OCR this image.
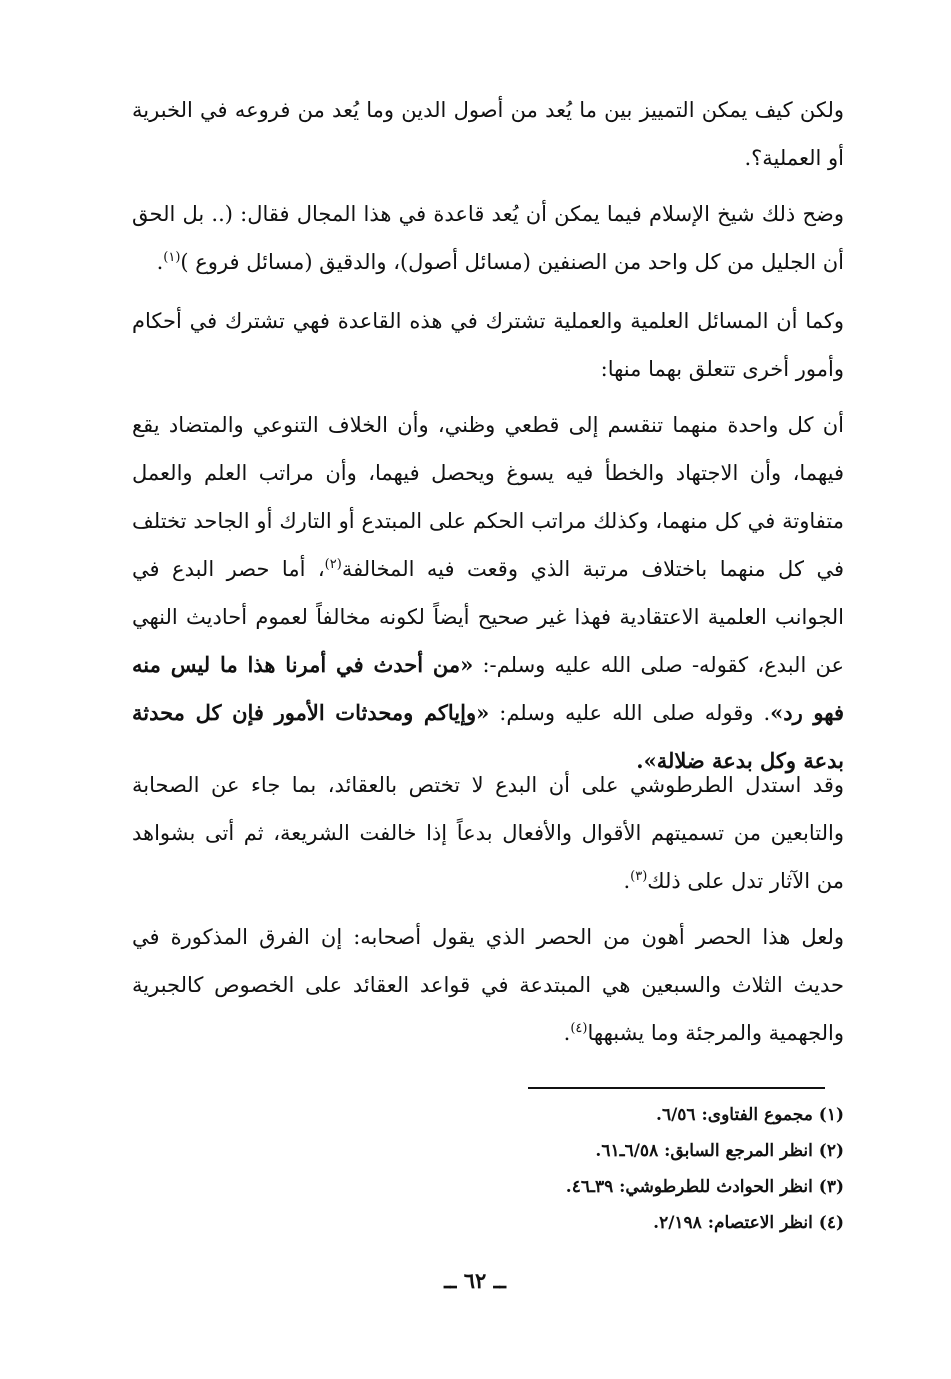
ولكن كيف يمكن التمييز بين ما يُعد من أصول الدين وما يُعد من فروعه في الخبرية أو العملية؟.

وضح ذلك شيخ الإسلام فيما يمكن أن يُعد قاعدة في هذا المجال فقال: (.. بل الحق أن الجليل من كل واحد من الصنفين (مسائل أصول)، والدقيق (مسائل فروع )$^{(١)}$.

وكما أن المسائل العلمية والعملية تشترك في هذه القاعدة فهي تشترك في أحكام وأمور أخرى تتعلق بهما منها:

أن كل واحدة منهما تنقسم إلى قطعي وظني، وأن الخلاف التنوعي والمتضاد يقع فيهما، وأن الاجتهاد والخطأ فيه يسوغ ويحصل فيهما، وأن مراتب العلم والعمل متفاوتة في كل منهما، وكذلك مراتب الحكم على المبتدع أو التارك أو الجاحد تختلف في كل منهما باختلاف مرتبة الذي وقعت فيه المخالفة$^{(٢)}$، أما حصر البدع في الجوانب العلمية الاعتقادية فهذا غير صحيح أيضاً لكونه مخالفاً لعموم أحاديث النهي عن البدع، كقوله- صلى الله عليه وسلم-: «من أحدث في أمرنا هذا ما ليس منه فهو رد». وقوله صلى الله عليه وسلم: «وإياكم ومحدثات الأمور فإن كل محدثة بدعة وكل بدعة ضلالة».

وقد استدل الطرطوشي على أن البدع لا تختص بالعقائد، بما جاء عن الصحابة والتابعين من تسميتهم الأقوال والأفعال بدعاً إذا خالفت الشريعة، ثم أتى بشواهد من الآثار تدل على ذلك$^{(٣)}$.

ولعل هذا الحصر أهون من الحصر الذي يقول أصحابه: إن الفرق المذكورة في حديث الثلاث والسبعين هي المبتدعة في قواعد العقائد على الخصوص كالجبرية والجهمية والمرجئة وما يشبهها$^{(٤)}$.

(١) مجموع الفتاوى: ٦/٥٦.
(٢) انظر المرجع السابق: ٦/٥٨ـ٦١.
(٣) انظر الحوادث للطرطوشي: ٣٩ـ٤٦.
(٤) انظر الاعتصام: ٢/١٩٨.
ــ ٦٢ ــ
